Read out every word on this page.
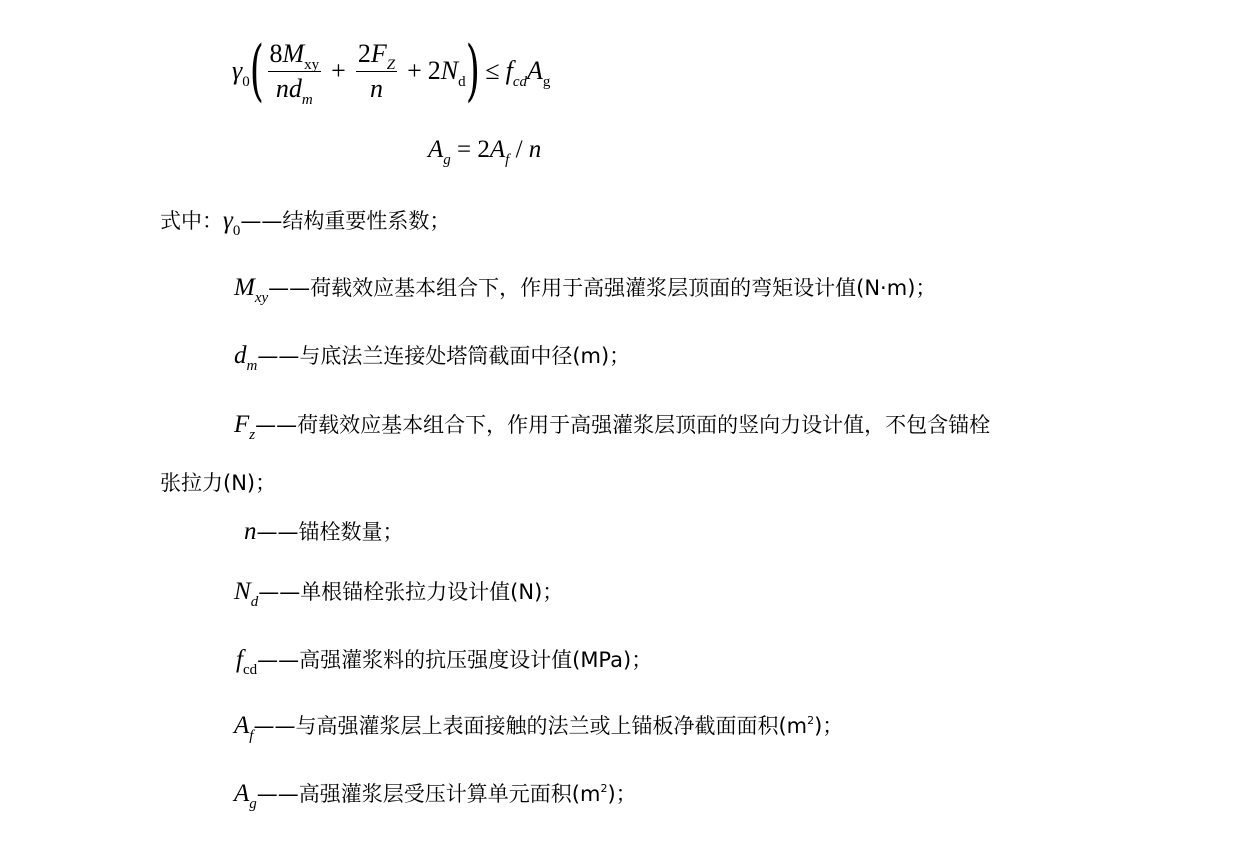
$\gamma_0$ ( $\frac{8M_{xy}}{nd_m} + \frac{2F_Z}{n} + 2N_d$ ) ≤ $f_{cd}A_g$
$A_g = 2A_f / n$
式中：$\gamma_0——$结构重要性系数；
$M_{xy}——$荷载效应基本组合下，作用于高强灌浆层顶面的弯矩设计值(N·m)；
$d_m——$与底法兰连接处塔筒截面中径(m)；
$F_z——$荷载效应基本组合下，作用于高强灌浆层顶面的竖向力设计值，不包含锚栓
张拉力(N)；
n——锚栓数量；
$N_d——$单根锚栓张拉力设计值(N)；
$f_{cd}——$高强灌浆料的抗压强度设计值(MPa)；
$A_f——$与高强灌浆层上表面接触的法兰或上锚板净截面面积$(m^2)$；
$A_g——$高强灌浆层受压计算单元面积$(m^2)$；
